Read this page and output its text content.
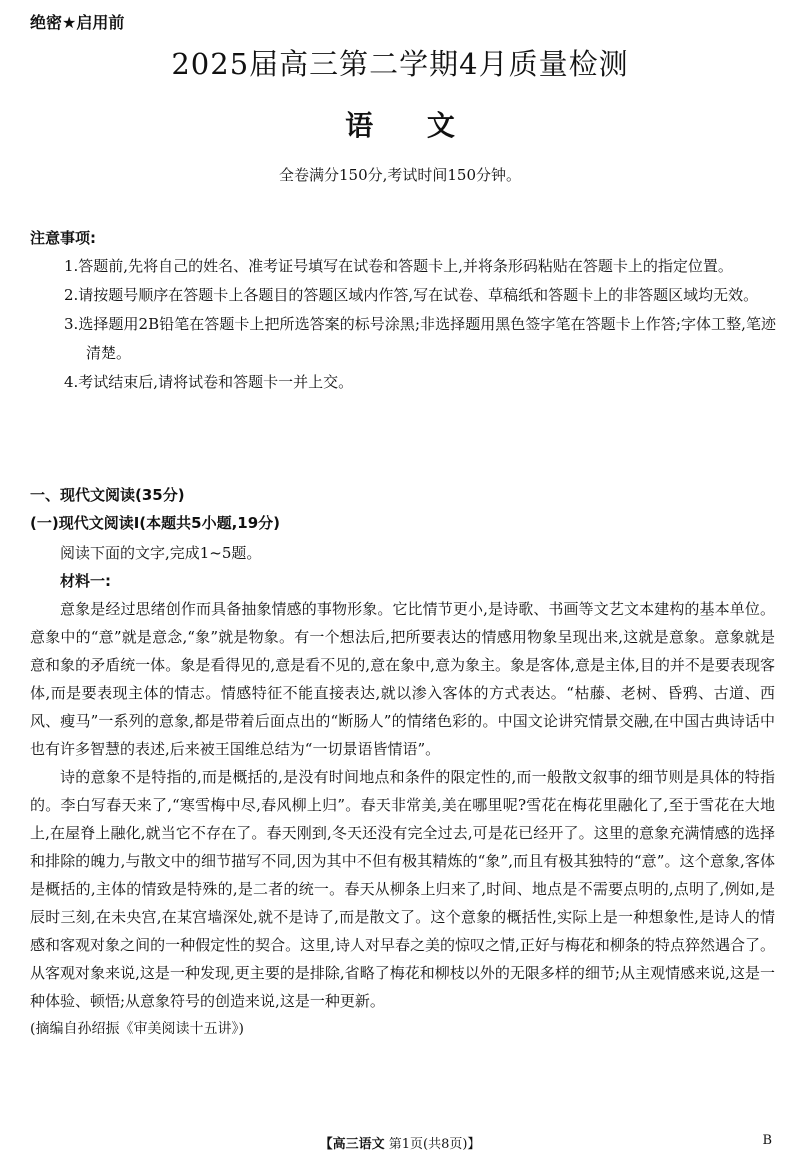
绝密★启用前
2025届高三第二学期4月质量检测
语 文
全卷满分150分,考试时间150分钟。
注意事项:
1.答题前,先将自己的姓名、准考证号填写在试卷和答题卡上,并将条形码粘贴在答题卡上的指定位置。
2.请按题号顺序在答题卡上各题目的答题区域内作答,写在试卷、草稿纸和答题卡上的非答题区域均无效。
3.选择题用2B铅笔在答题卡上把所选答案的标号涂黑;非选择题用黑色签字笔在答题卡上作答;字体工整,笔迹清楚。
4.考试结束后,请将试卷和答题卡一并上交。
一、现代文阅读(35分)
(一)现代文阅读Ⅰ(本题共5小题,19分)

阅读下面的文字,完成1~5题。

材料一:

意象是经过思绪创作而具备抽象情感的事物形象。它比情节更小,是诗歌、书画等文艺文本建构的基本单位。意象中的“意”就是意念,“象”就是物象。有一个想法后,把所要表达的情感用物象呈现出来,这就是意象。意象就是意和象的矛盾统一体。象是看得见的,意是看不见的,意在象中,意为象主。象是客体,意是主体,目的并不是要表现客体,而是要表现主体的情志。情感特征不能直接表达,就以渗入客体的方式表达。“枯藤、老树、昏鸦、古道、西风、瘦马”一系列的意象,都是带着后面点出的“断肠人”的情绪色彩的。中国文论讲究情景交融,在中国古典诗话中也有许多智慧的表述,后来被王国维总结为“一切景语皆情语”。

诗的意象不是特指的,而是概括的,是没有时间地点和条件的限定性的,而一般散文叙事的细节则是具体的特指的。李白写春天来了,“寒雪梅中尽,春风柳上归”。春天非常美,美在哪里呢?雪花在梅花里融化了,至于雪花在大地上,在屋脊上融化,就当它不存在了。春天刚到,冬天还没有完全过去,可是花已经开了。这里的意象充满情感的选择和排除的魄力,与散文中的细节描写不同,因为其中不但有极其精炼的“象”,而且有极其独特的“意”。这个意象,客体是概括的,主体的情致是特殊的,是二者的统一。春天从柳条上归来了,时间、地点是不需要点明的,点明了,例如,是辰时三刻,在未央宫,在某宫墙深处,就不是诗了,而是散文了。这个意象的概括性,实际上是一种想象性,是诗人的情感和客观对象之间的一种假定性的契合。这里,诗人对早春之美的惊叹之情,正好与梅花和柳条的特点猝然遇合了。从客观对象来说,这是一种发现,更主要的是排除,省略了梅花和柳枝以外的无限多样的细节;从主观情感来说,这是一种体验、顿悟;从意象符号的创造来说,这是一种更新。

(摘编自孙绍振《审美阅读十五讲》)

【高三语文 第1页(共8页)】	B
